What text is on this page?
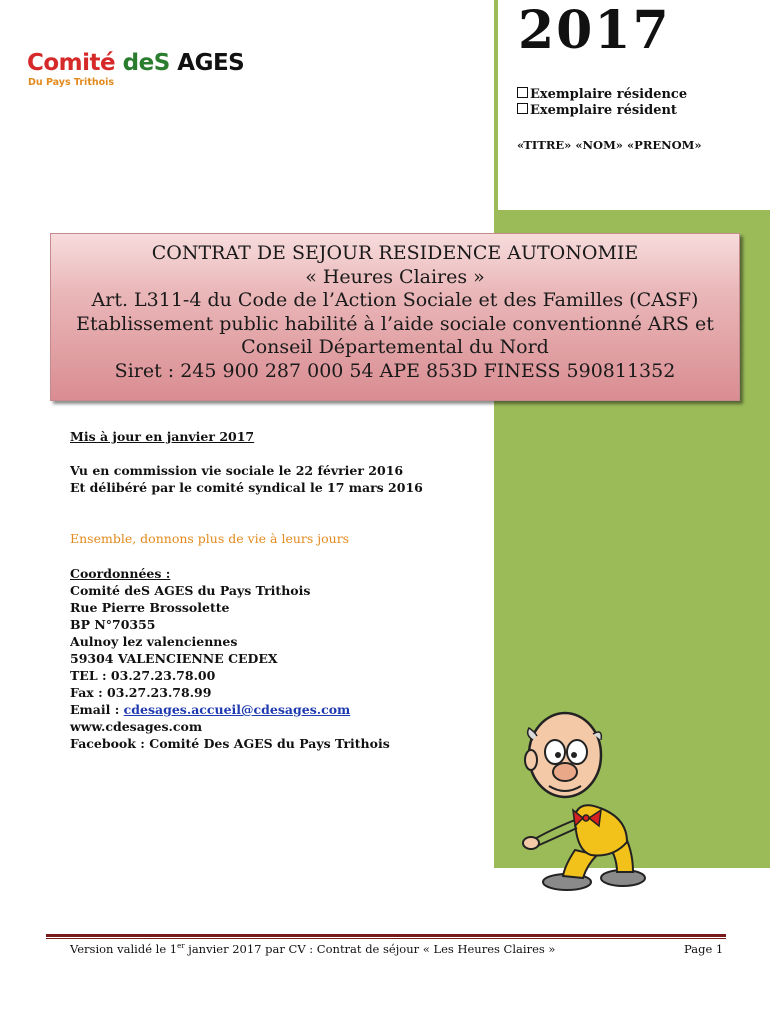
2017
Exemplaire résidence
Exemplaire résident
«TITRE» «NOM» «PRENOM»
Comité deS AGES
Du Pays Trithois
CONTRAT DE SEJOUR RESIDENCE AUTONOMIE
« Heures Claires »
Art. L311-4 du Code de l’Action Sociale et des Familles (CASF)
Etablissement public habilité à l’aide sociale conventionné ARS et
Conseil Départemental du Nord
Siret : 245 900 287 000 54 APE 853D FINESS 590811352
Mis à jour en janvier 2017
Vu en commission vie sociale le 22 février 2016
Et délibéré par le comité syndical le 17 mars 2016
Ensemble, donnons plus de vie à leurs jours
Coordonnées :
Comité deS AGES du Pays Trithois
Rue Pierre Brossolette
BP N°70355
Aulnoy lez valenciennes
59304 VALENCIENNE CEDEX
TEL : 03.27.23.78.00
Fax : 03.27.23.78.99
Email : cdesages.accueil@cdesages.com
www.cdesages.com
Facebook : Comité Des AGES du Pays Trithois
Version validé le 1er janvier 2017 par CV : Contrat de séjour « Les Heures Claires »	Page 1
